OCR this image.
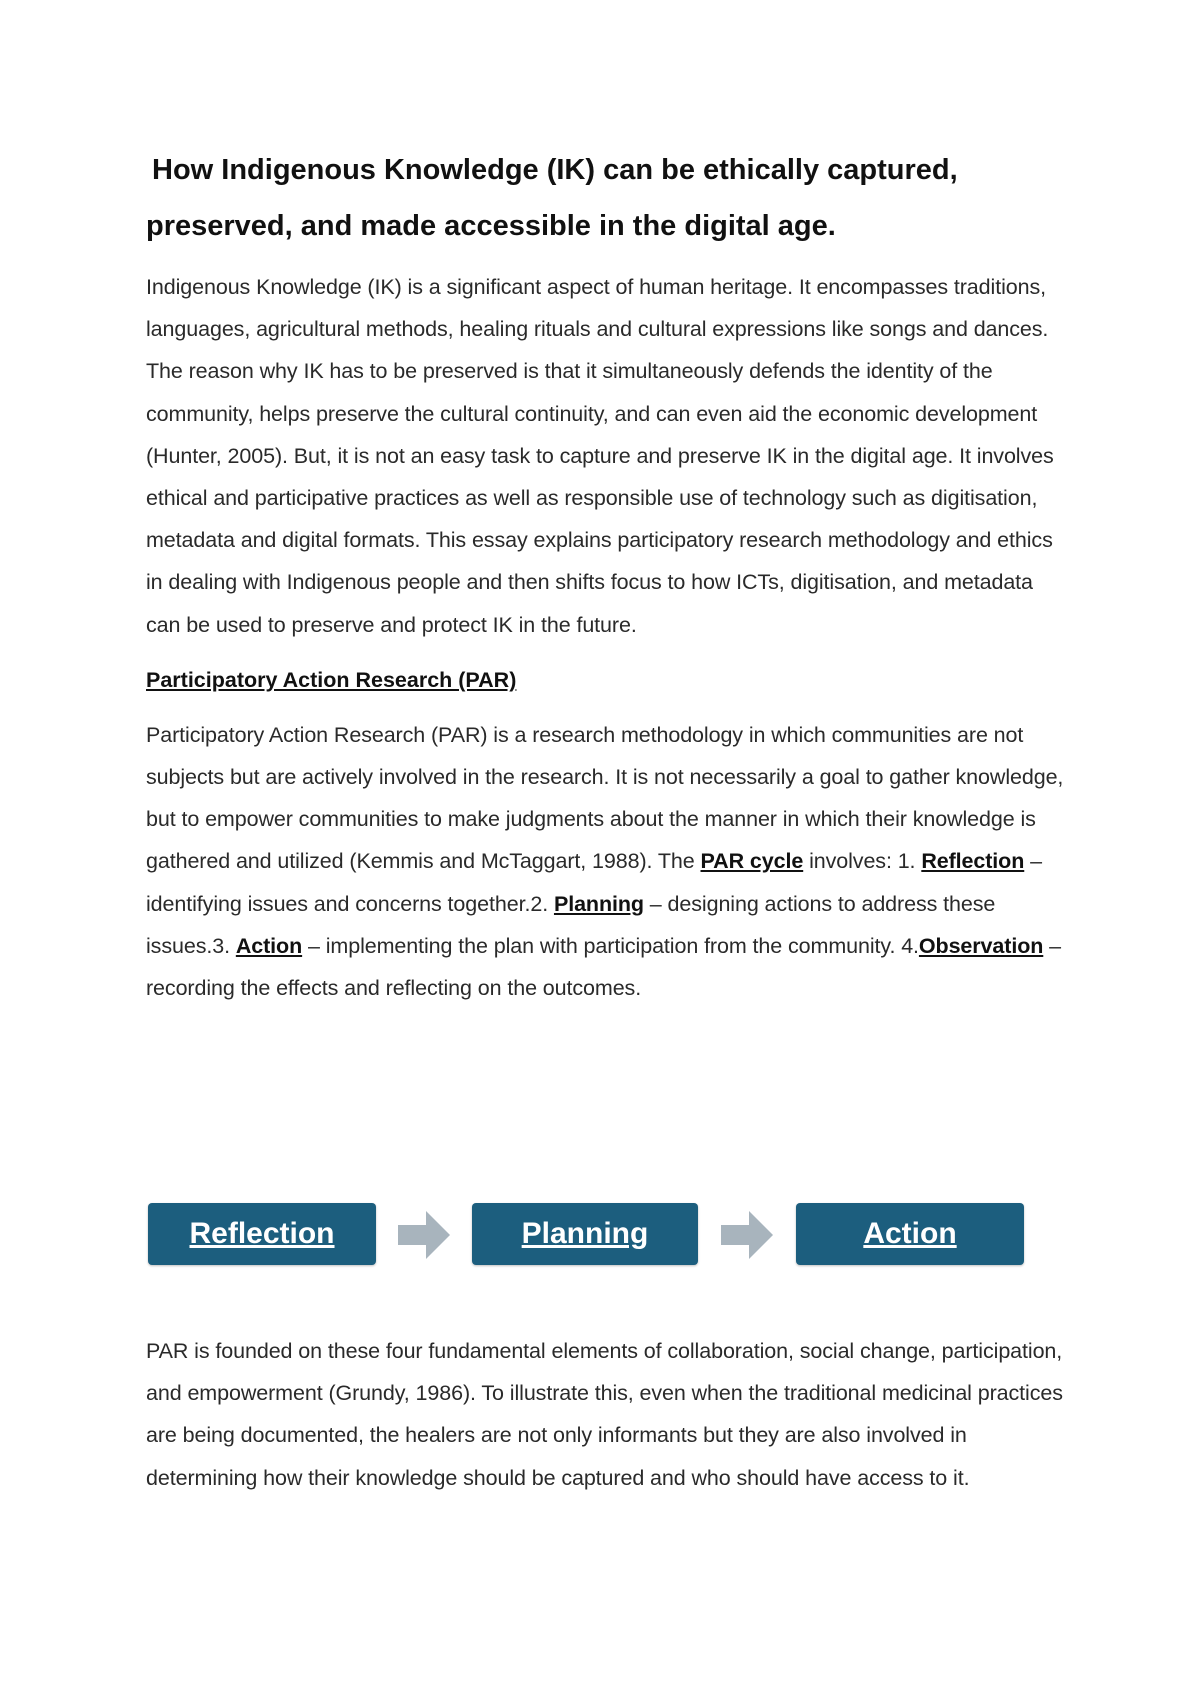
How Indigenous Knowledge (IK) can be ethically captured,
preserved, and made accessible in the digital age.

Indigenous Knowledge (IK) is a significant aspect of human heritage. It encompasses traditions, languages, agricultural methods, healing rituals and cultural expressions like songs and dances. The reason why IK has to be preserved is that it simultaneously defends the identity of the community, helps preserve the cultural continuity, and can even aid the economic development (Hunter, 2005). But, it is not an easy task to capture and preserve IK in the digital age. It involves ethical and participative practices as well as responsible use of technology such as digitisation, metadata and digital formats. This essay explains participatory research methodology and ethics in dealing with Indigenous people and then shifts focus to how ICTs, digitisation, and metadata can be used to preserve and protect IK in the future.

Participatory Action Research (PAR)

Participatory Action Research (PAR) is a research methodology in which communities are not subjects but are actively involved in the research. It is not necessarily a goal to gather knowledge, but to empower communities to make judgments about the manner in which their knowledge is gathered and utilized (Kemmis and McTaggart, 1988). The PAR cycle involves: 1. Reflection – identifying issues and concerns together.2. Planning – designing actions to address these issues.3. Action – implementing the plan with participation from the community. 4.Observation – recording the effects and reflecting on the outcomes.

Reflection	Planning	Action

PAR is founded on these four fundamental elements of collaboration, social change, participation, and empowerment (Grundy, 1986). To illustrate this, even when the traditional medicinal practices are being documented, the healers are not only informants but they are also involved in determining how their knowledge should be captured and who should have access to it.
